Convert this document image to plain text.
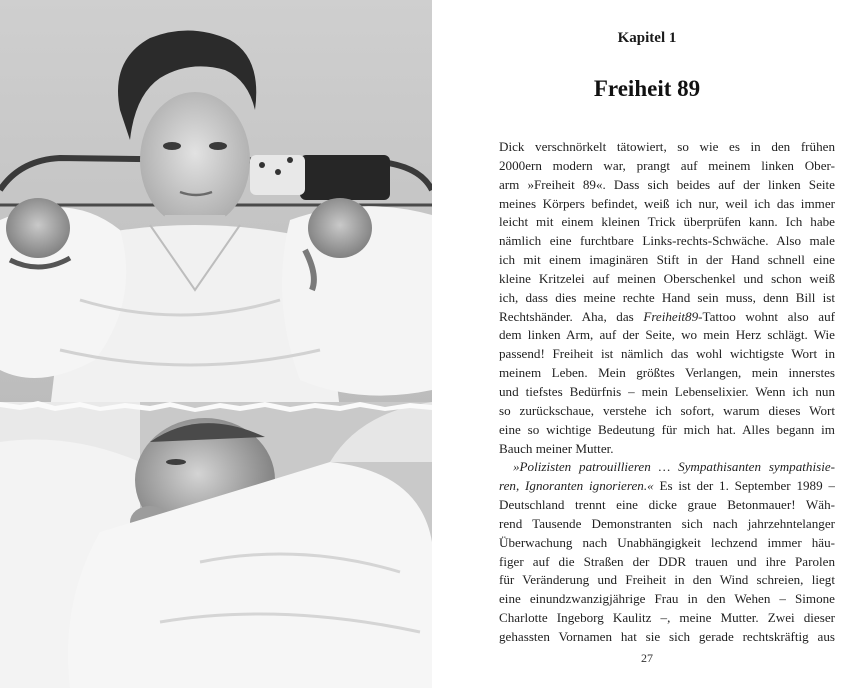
Kapitel 1
Freiheit 89
Dick verschnörkelt tätowiert, so wie es in den frühen
2000ern modern war, prangt auf meinem linken Ober-
arm »Freiheit 89«. Dass sich beides auf der linken Seite
meines Körpers befindet, weiß ich nur, weil ich das immer
leicht mit einem kleinen Trick überprüfen kann. Ich habe
nämlich eine furchtbare Links-rechts-Schwäche. Also male
ich mit einem imaginären Stift in der Hand schnell eine
kleine Kritzelei auf meinen Oberschenkel und schon weiß
ich, dass dies meine rechte Hand sein muss, denn Bill ist
Rechtshänder. Aha, das Freiheit89-Tattoo wohnt also auf
dem linken Arm, auf der Seite, wo mein Herz schlägt. Wie
passend! Freiheit ist nämlich das wohl wichtigste Wort in
meinem Leben. Mein größtes Verlangen, mein innerstes
und tiefstes Bedürfnis – mein Lebenselixier. Wenn ich nun
so zurückschaue, verstehe ich sofort, warum dieses Wort
eine so wichtige Bedeutung für mich hat. Alles begann im
Bauch meiner Mutter.
»Polizisten patrouillieren … Sympathisanten sympathisie-
ren, Ignoranten ignorieren.« Es ist der 1. September 1989 –
Deutschland trennt eine dicke graue Betonmauer! Wäh-
rend Tausende Demonstranten sich nach jahrzehntelanger
Überwachung nach Unabhängigkeit lechzend immer häu-
figer auf die Straßen der DDR trauen und ihre Parolen
für Veränderung und Freiheit in den Wind schreien, liegt
eine einundzwanzigjährige Frau in den Wehen – Simone
Charlotte Ingeborg Kaulitz –, meine Mutter. Zwei dieser
gehassten Vornamen hat sie sich gerade rechtskräftig aus
27
